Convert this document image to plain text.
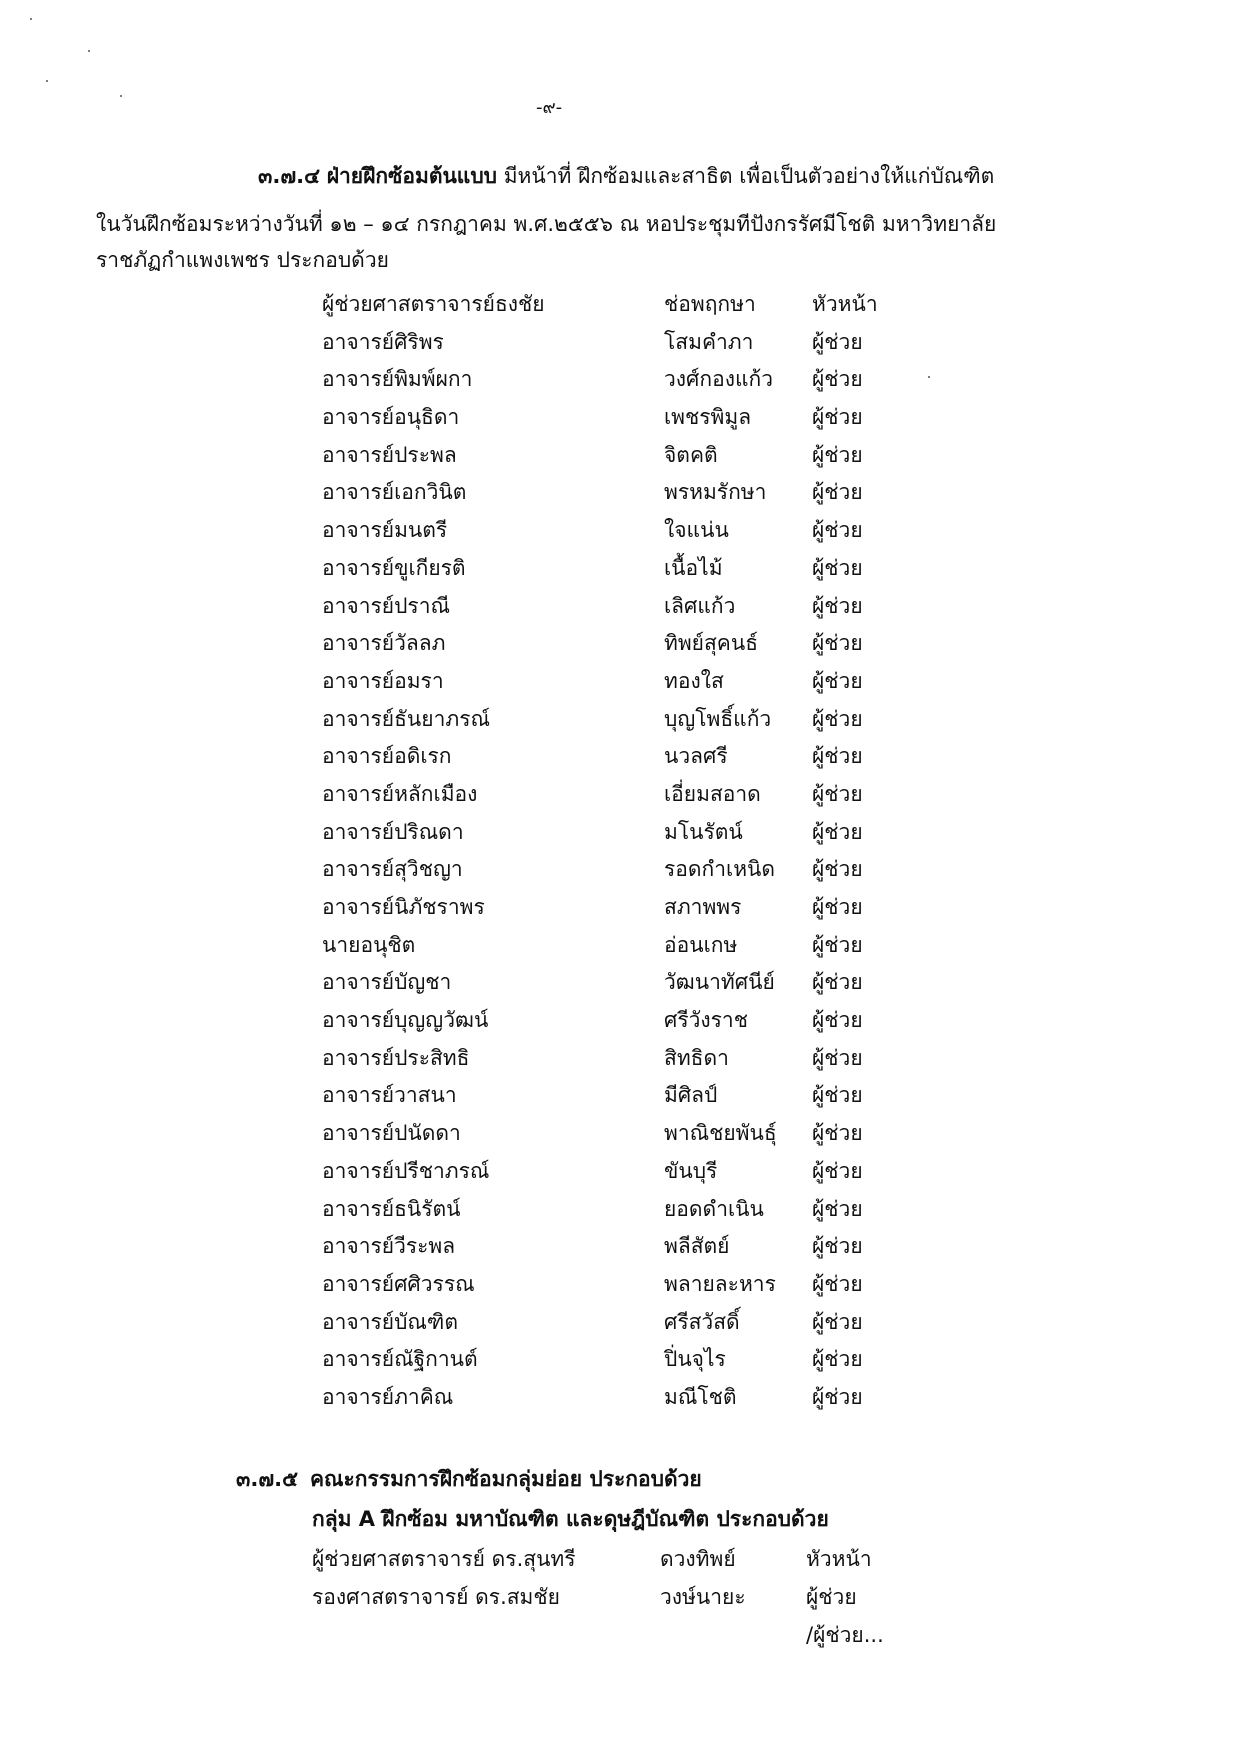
-๙-
๓.๗.๔ ฝ่ายฝึกซ้อมต้นแบบ มีหน้าที่ ฝึกซ้อมและสาธิต เพื่อเป็นตัวอย่างให้แก่บัณฑิต
ในวันฝึกซ้อมระหว่างวันที่ ๑๒ – ๑๔ กรกฎาคม พ.ศ.๒๕๕๖ ณ หอประชุมทีปังกรรัศมีโชติ มหาวิทยาลัย
ราชภัฏกำแพงเพชร ประกอบด้วย
ผู้ช่วยศาสตราจารย์ธงชัย	ช่อพฤกษา	หัวหน้า
อาจารย์ศิริพร	โสมคำภา	ผู้ช่วย
อาจารย์พิมพ์ผกา	วงศ์กองแก้ว ผู้ช่วย
อาจารย์อนุธิดา	เพชรพิมูล	ผู้ช่วย
อาจารย์ประพล	จิตคติ	ผู้ช่วย
อาจารย์เอกวินิต	พรหมรักษา ผู้ช่วย
อาจารย์มนตรี	ใจแน่น	ผู้ช่วย
อาจารย์ขูเกียรติ	เนื้อไม้	ผู้ช่วย
อาจารย์ปราณี	เลิศแก้ว	ผู้ช่วย
อาจารย์วัลลภ	ทิพย์สุคนธ์	ผู้ช่วย
อาจารย์อมรา	ทองใส	ผู้ช่วย
อาจารย์ธันยาภรณ์	บุญโพธิ์แก้ว ผู้ช่วย
อาจารย์อดิเรก	นวลศรี	ผู้ช่วย
อาจารย์หลักเมือง	เอี่ยมสอาด ผู้ช่วย
อาจารย์ปริณดา	มโนรัตน์	ผู้ช่วย
อาจารย์สุวิชญา	รอดกำเหนิด ผู้ช่วย
อาจารย์นิภัชราพร	สภาพพร	ผู้ช่วย
นายอนุชิต	อ่อนเกษ	ผู้ช่วย
อาจารย์บัญชา	วัฒนาทัศนีย์ ผู้ช่วย
อาจารย์บุญญวัฒน์	ศรีวังราช	ผู้ช่วย
อาจารย์ประสิทธิ	สิทธิดา	ผู้ช่วย
อาจารย์วาสนา	มีศิลป์	ผู้ช่วย
อาจารย์ปนัดดา	พาณิชยพันธุ์ ผู้ช่วย
อาจารย์ปรีชาภรณ์	ขันบุรี	ผู้ช่วย
อาจารย์ธนิรัตน์	ยอดดำเนิน ผู้ช่วย
อาจารย์วีระพล	พลีสัตย์	ผู้ช่วย
อาจารย์ศศิวรรณ	พลายละหาร ผู้ช่วย
อาจารย์บัณฑิต	ศรีสวัสดิ์	ผู้ช่วย
อาจารย์ณัฐิกานต์	ปิ่นจุไร	ผู้ช่วย
อาจารย์ภาคิณ	มณีโชติ	ผู้ช่วย
๓.๗.๕ คณะกรรมการฝึกซ้อมกลุ่มย่อย ประกอบด้วย
กลุ่ม A ฝึกซ้อม มหาบัณฑิต และดุษฎีบัณฑิต ประกอบด้วย
ผู้ช่วยศาสตราจารย์ ดร.สุนทรี	ดวงทิพย์	หัวหน้า
รองศาสตราจารย์ ดร.สมชัย	วงษ์นายะ	ผู้ช่วย
/ผู้ช่วย...
